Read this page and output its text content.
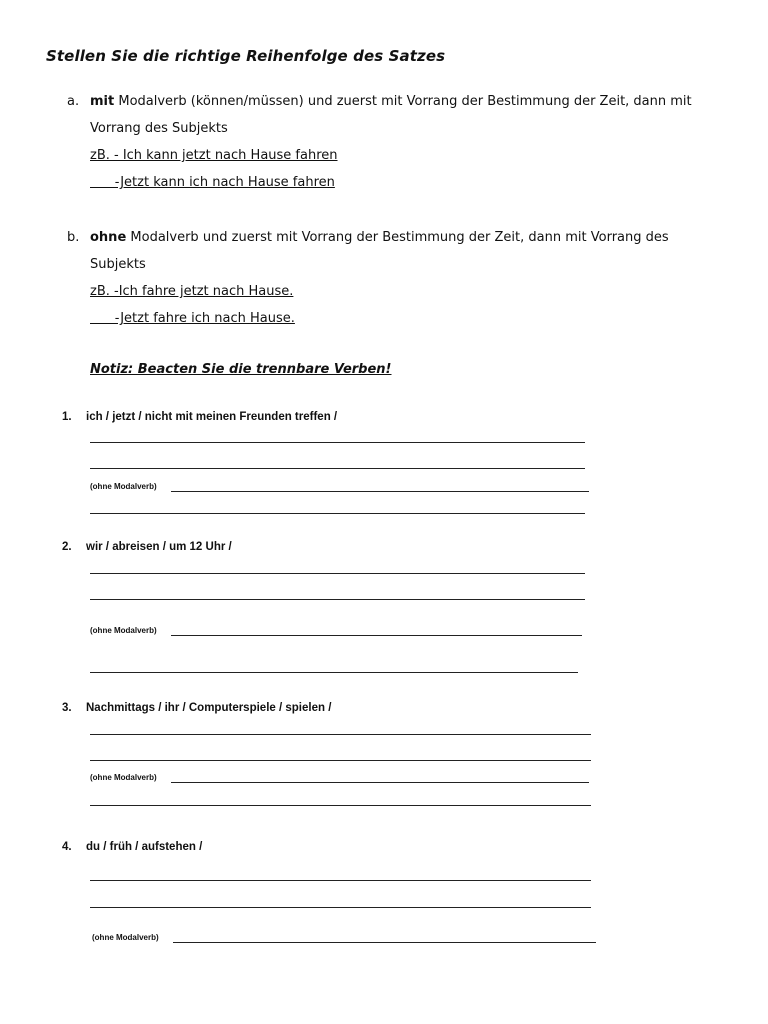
Stellen Sie die richtige Reihenfolge des Satzes
a. mit Modalverb (können/müssen) und zuerst mit Vorrang der Bestimmung der Zeit, dann mit
Vorrang des Subjekts
zB. - Ich kann jetzt nach Hause fahren
-Jetzt kann ich nach Hause fahren
b. ohne Modalverb und zuerst mit Vorrang der Bestimmung der Zeit, dann mit Vorrang des
Subjekts
zB. -Ich fahre jetzt nach Hause.
-Jetzt fahre ich nach Hause.
Notiz: Beacten Sie die trennbare Verben!
1. ich / jetzt / nicht mit meinen Freunden treffen /
(ohne Modalverb)
2. wir / abreisen / um 12 Uhr /
(ohne Modalverb)
3. Nachmittags / ihr / Computerspiele / spielen /
(ohne Modalverb)
4. du / früh / aufstehen /
(ohne Modalverb)
